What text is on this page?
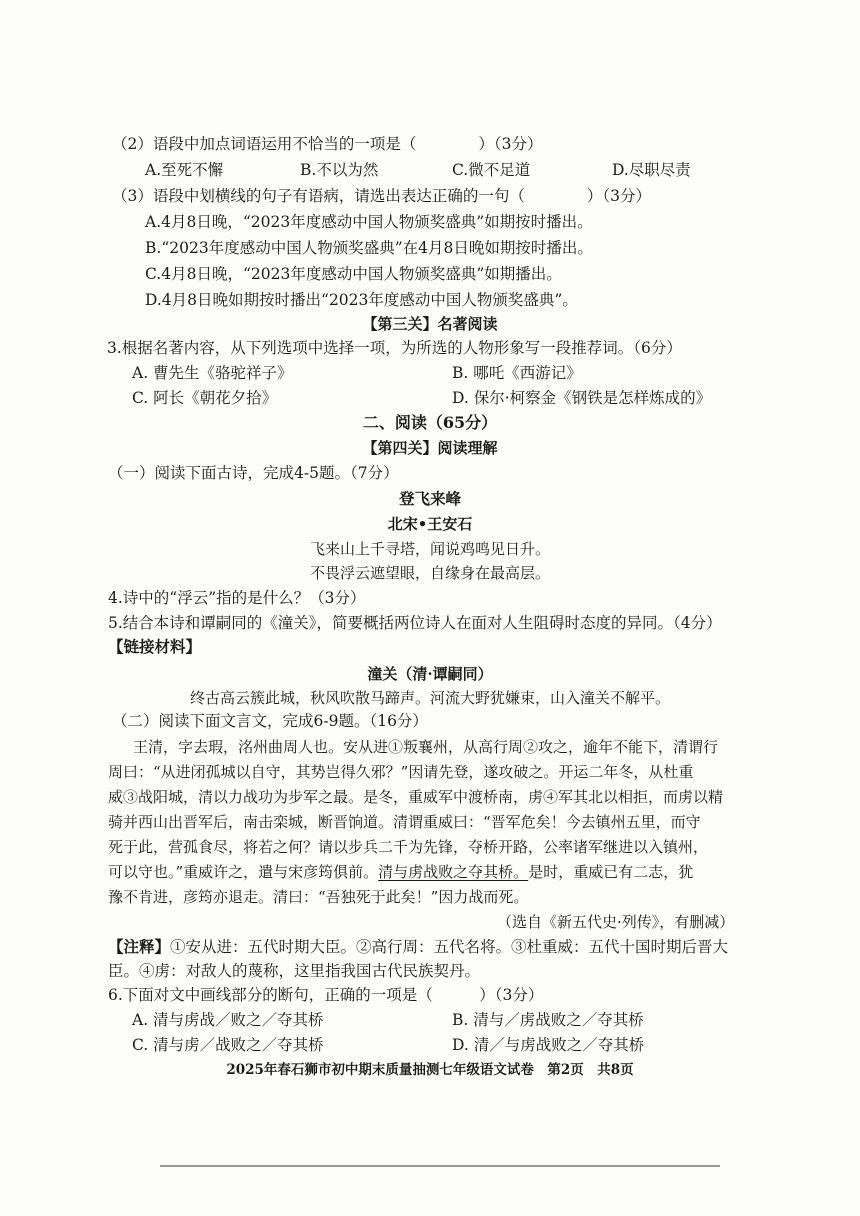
（2）语段中加点词语运用不恰当的一项是（　　　　）（3分）
A.至死不懈	B.不以为然	C.微不足道	D.尽职尽责
（3）语段中划横线的句子有语病，请选出表达正确的一句（　　　　）（3分）
A.4月8日晚，“2023年度感动中国人物颁奖盛典”如期按时播出。
B.“2023年度感动中国人物颁奖盛典”在4月8日晚如期按时播出。
C.4月8日晚，“2023年度感动中国人物颁奖盛典”如期播出。
D.4月8日晚如期按时播出“2023年度感动中国人物颁奖盛典”。
【第三关】名著阅读
3.根据名著内容，从下列选项中选择一项，为所选的人物形象写一段推荐词。（6分）
A. 曹先生《骆驼祥子》	B. 哪吒《西游记》
C. 阿长《朝花夕拾》	D. 保尔·柯察金《钢铁是怎样炼成的》
二、阅读（65分）
【第四关】阅读理解
（一）阅读下面古诗，完成4-5题。（7分）
登飞来峰
北宋•王安石
飞来山上千寻塔，闻说鸡鸣见日升。
不畏浮云遮望眼，自缘身在最高层。
4.诗中的“浮云”指的是什么？（3分）
5.结合本诗和谭嗣同的《潼关》，简要概括两位诗人在面对人生阻碍时态度的异同。（4分）
【链接材料】
潼关（清·谭嗣同）
终古高云簇此城，秋风吹散马蹄声。河流大野犹嫌束，山入潼关不解平。
（二）阅读下面文言文，完成6-9题。（16分）
王清，字去瑕，洺州曲周人也。安从进①叛襄州，从高行周②攻之，逾年不能下，清谓行
周曰：“从进闭孤城以自守，其势岂得久邪？”因请先登，遂攻破之。开运二年冬，从杜重
威③战阳城，清以力战功为步军之最。是冬，重威军中渡桥南，虏④军其北以相拒，而虏以精
骑并西山出晋军后，南击栾城，断晋饷道。清谓重威曰：“晋军危矣！今去镇州五里，而守
死于此，营孤食尽，将若之何？请以步兵二千为先锋，夺桥开路，公率诸军继进以入镇州，
可以守也。”重威许之，遣与宋彦筠俱前。清与虏战败之夺其桥。是时，重威已有二志，犹
豫不肯进，彦筠亦退走。清曰：“吾独死于此矣！”因力战而死。
（选自《新五代史·列传》，有删减）
【注释】①安从进：五代时期大臣。②高行周：五代名将。③杜重威：五代十国时期后晋大
臣。④虏：对敌人的蔑称，这里指我国古代民族契丹。
6.下面对文中画线部分的断句，正确的一项是（　　　）（3分）
A. 清与虏战／败之／夺其桥	B. 清与／虏战败之／夺其桥
C. 清与虏／战败之／夺其桥	D. 清／与虏战败之／夺其桥
2025年春石狮市初中期末质量抽测七年级语文试卷　第2页　共8页
